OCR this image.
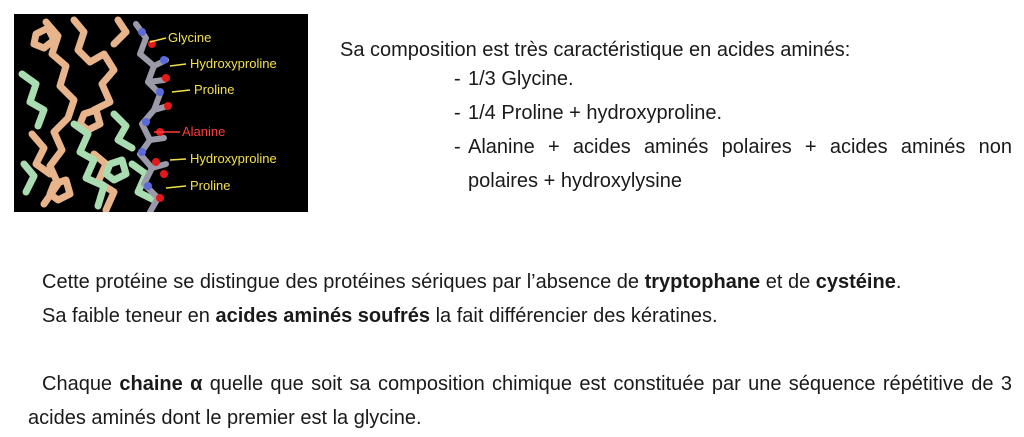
Glycine
Hydroxyproline
Proline
Alanine
Hydroxyproline
Proline

Sa composition est très caractéristique en acides aminés:

- 1/3 Glycine.
- 1/4 Proline + hydroxyproline.
- Alanine + acides aminés polaires + acides aminés non polaires + hydroxylysine

Cette protéine se distingue des protéines sériques par l’absence de tryptophane et de cystéine.

Sa faible teneur en acides aminés soufrés la fait différencier des kératines.

Chaque chaine α quelle que soit sa composition chimique est constituée par une séquence répétitive de 3 acides aminés dont le premier est la glycine.
